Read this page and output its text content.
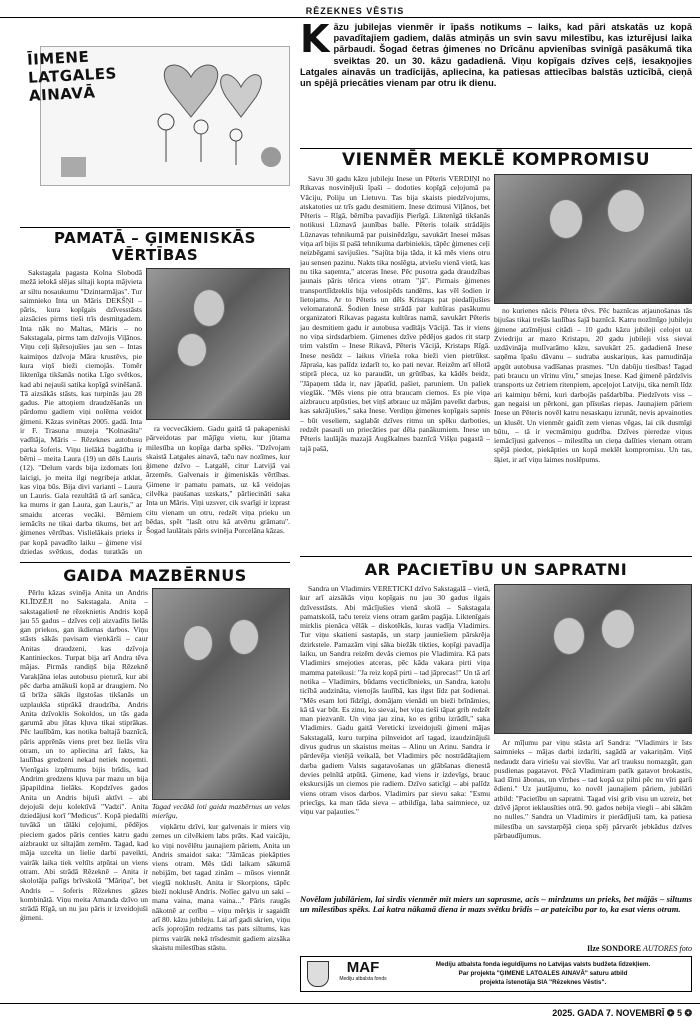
RĒZEKNES VĒSTIS
ĪIMENE LATGALES AINAVĀ
K āzu jubilejas vienmēr ir īpašs notikums – laiks, kad pāri atskatās uz kopā pavadītajiem gadiem, dalās atmiņās un svin savu milestību, kas izturējusi laika pārbaudi. Šogad četras ģimenes no Drīcānu apvienības svinīgā pasākumā tika sveiktas 20. un 30. kāzu gadadienā. Viņu kopīgais dzīves ceļš, iesakņojies Latgales ainavās un tradīcijās, apliecina, ka patiesas attiecības balstās uzticībā, cieņā un spējā priecāties vienam par otru ik dienu.
VIENMĒR MEKLĒ KOMPROMISU

Savu 30 gadu kāzu jubileju Inese un Pēteris VERDIŅI no Rikavas nosvinējuši īpaši – dodoties kopīgā ceļojumā pa Vāciju, Poliju un Lietuvu. Tas bija skaists piedzīvojums, atskatoties uz trīs gadu desmitiem. Inese dzimusi Viļānos, bet Pēteris – Rīgā, bērnība pavadījis Pierīgā. Liktenīgā tikšanās notikusi Lūznavā jaunības balle. Pēteris tolaik strādājis Lūznavas tehnikumā par puisinēdzīgu, savukārt Inesei māsas viņa arī bijis šī pašā tehnikuma darbiniekis, tāpēc ģimenes ceļi neizbēgami savijušies. "Sajūta bija tāda, it kā mēs viens otru jau sensen pazinu. Nakts tika noslēgta, atviešu vienā vietā, kas nu tika saņemta," atceras Inese. Pēc pusotra gada draudzības jaunais pāris tērica viens otram "jā". Pirmais ģimenes transportlīdzeklis bija velosipēds tandēms, kas vēl šodien ir lietojams. Ar to Pēteris un dēls Kristaps pat piedalījušies velomaratonā. Šodien Inese strādā par kultūras pasākumu organizatori Rikavas pagasta kultūras namā, savukārt Pēteris jau desmitiem gadu ir autobusa vadītājs Vācijā. Tas ir viens no viņa sirdsdarbiem. Ģimenes dzīve pēdējos gados rit starp trim valstīm – Inese Rikavā, Pēteris Vācijā, Kristaps Rīgā. Inese nesūdz – laikus vīriešа roka bieži vien pietrūkst. Jāpraśa, kas palīdz izdarīt to, ko pati nevar. Reizēm arī tēlotā stiprā pleca, uz ko paraudāt, un grūtības, ka kādēs beidz, "Jāpaņem tāda ir, nav jāpatīd, pašiet, paruniem. Un paliek vieglāk. "Mēs viens pie otra braucam ciemos. Es pie viņa aizbraucu atpūsties, bet viņš atbrauc uz mājām pavelkt darbus, kas sakrājušies," saka Inese. Verdiņu ģimenes kopīgais sapnis – būt veseliem, saglabāt dzīves ritmu un spēku darboties, redzēt pasauli un priecāties par dēla panākumiem. Inese un Pēteris laulājās mazajā Augškalnes baznīcā Višķu pagastā – tajā pašā,

no kurienes nācis Pētera tēvs. Pēc baznīcas atjaunošanas tās bijušas tikai trešās laulības šajā baznīcā. Katru nozīmīgo jubileju ģimene atzīmējusi citādi – 10 gadu kāzu jubileji celojot uz Zviedriju ar mazo Kristapu, 20 gadu jubileji viss sievai uzdāvināja mulīvarāmo kāzu, savukārt 25. gadadienā Inese saņēma īpašu dāvanu – sudraba auskariņus, kas pamudināja apgūt autobusa vadīšanas prasmes. "Un dabūju tiesības! Tagad pati braucu un vīrinu vīru," smejas Inese. Kad ģimenē pārdzīvis transports uz četriem ritenpiem, apceļojot Latviju, tika nemīt līdz ari kaimiņu bērni, kuri darbojās pašdarbība. Piedzīvots viss – gan negaisi un pērkoni, gan plīsušas riepas. Jaunajiem pāriem Inese un Pēteris novēl katru nesaskaņu izrunāt, nevis apvainoties un klusēt. Un vienmēr gaidīt zem vienas vēgas, lai cik dusmīgi būtu, – tā ir vecmāmiņu gudrība. Dzīves pieredze viņus iemācījusi galvenos – milestība un cieņa dalīties vienam otram spējā piedot, piekāpties un kopā meklēt kompromisu. Un tas, šķiet, ir arī viņu laimes noslēpums.

PAMATĀ – ĢIMENISKĀS VĒRTĪBAS

Sakstagala pagasta Kolna Slobodā mežā ielokā slējas siltaji kopta mājvieta ar siltu nosaukumu "Dzintarmājas". Tur saimnieko Inta un Māris DEKŠŅI – pāris, kura kopīgais dzīvesstāsts aizsācies pirms tieši trīs desmitgadem. Inta nāk no Maltas, Māris – no Sakstagala, pirms tam dzīvojis Viļānos. Viņu ceļi šķērsojušies jau sen – Intas kaimiņos dzīvoja Māra krustēvs, pie kura viņš bieži ciemojās. Tomēr liktenīga tikšanās notika Līgo svētkos, kad abi nejauši satika kopīgā svinēšanā. Tā aizsākās stāsts, kas turpinās jau 28 gadus. Pie attoņiem draudzēšanās un pārdomu gadiem viņi nolēma veidot ģimeni. Kāzas svinētas 2005. gadā. Inta ir F. Trasuna muzeja "Kolnasāta" vadītāja, Māris – Rēzeknes autobusu parka šoferis. Viņu lielākā bagātība ir bērni – meita Laura (19) un dēls Lauris (12). "Delum vards bija izdomats loti laicigi, jo meita ilgi negribeja atklat, kas viņa būs. Bija divi varianti – Laura un Lauris. Gala rezultātā tā arī sanāca, ka mums ir gan Laura, gan Lauris," ar smaidu atceras vecāki. Bērniem iemācīts ne tikai darba tikums, bet arī ģimenes vērtības. Vislielākais prieks ir par kopā pavadīto laiku – ģimene visi dziedas svētkus, dodas turatkās un

ra vecvecākiem. Gadu gaitā tā pakapeniski pārveidotas par mājīgu vietu, kur jūtama milestība un kopīga darba spēks. "Dzīvojam skaistā Latgales ainavā, taču nav nozīmes, kur ģimene dzīvo – Latgalē, citur Latvijā vai ārzemēs. Galvenais ir ģimeniskās vērtības. Ģimene ir pamatu pamats, uz kā veidojas cilvēka paušanas uzskats," pārliecināti saka Inta un Māris. Viņi uzsver, cik svarīgi ir izprast citu vienam un otru, redzēt viņa prieku un bēdas, spēt "lasīt otru kā atvērtu grāmatu". Šogad laulātais pāris svinēja Porcelāna kāzas.

GAIDA MAZBĒRNUS

Pērlu kāzas svinēja Anita un Andris KLĪDZĒJI no Sakstagala. Anita – sakstagalietē ne rēzeknietis Andris kopā jau 55 gadus – dzīves ceļi aizvadīts lielās gan priekos, gan ikdienas darbos. Viņu stāsts sākās pavisam vienkārši – caur Anitas draudzeni, kas dzīvoja Kantinieckos. Turpat bija arī Andra tēva mājas. Pirmās randiņš bija Rēzeknē Varakļāna ielas autobusu pieturā, kur abi pēc darba atnākuši kopā ar draugiem. No tā brīža sākās ilgstošas tikšanās un uzplaukša stiprākā draudzība. Andris Anita dzīvoklis Sokoldos, un tās gada garumā abu jūtas kļuva tikai stiprākas. Pēc laulībām, kas notika baltajā baznīcā, pāris apprēnās viens pret bez lielās vīra otram, un to apliecina arī fakts, ka laulības gredzeni nekad netiek noņemti. Vienīgais izņēmums bijis brīdis, kad Andrim gredzens kļuva par mazu un bija jāpapildina lielāks. Kopdzīves gados Anita un Andris bijuši aktīvi – abi dejojuši deju kolektīvā "Vadzi". Anita dziedājusi korī "Medicus". Kopā piedalīti tuvākā un tālāki ceļojumi, pēdējos pieciem gados pāris centies katru gadu aizbraukt uz siltajām zemēm. Tagad, kad māja uzcelta un lielie darbi paveikti, vairāk laika tiek veltīts atpūtai un viens otram. Abi strādā Rēzeknē – Anita ir skolotāja palīgs brīvskolā "Māriņa", bet Andris – šoferis Rēzeknes gāzes kombinātā. Viņu meita Amanda dzīvo un strādā Rīgā, un nu jau pāris ir izveidojuši ģimeni.

Tagad vecākā loti gaida mazbērnus un velas mierīgu,

viņkārtu dzīvi, kur galvenais ir miers viņ zemes un cilvēkiem labs prāts. Kad vaicāju, ko viņi novēlētu jaunajiem pāriem, Anita un Andris smaidot saka: "Jāmācas piekāpties viens otram. Mēs tādi laikam sākumā nebijām, bet tagad zinām – mūsos viennāt vieglā noklusēt. Anita ir Skorpions, tāpēc bieži noklusē Andris. Nolīec galvu un saki – mana vaina, mana vaina..." Pāris raugās nākotnē ar cerību – viņu mērķis ir sagaidīt arī 80. kāzu jubileju. Lai arī gadi skrien, viņu acīs joprojām redzams tas pats siltums, kas pirms vairāk nekā trīsdesmit gadiem aizsāka skaistu milestības stāstu.

AR PACIETĪBU UN SAPRATNI

Sandra un Vladimirs VERETICKI dzīvo Sakstagalā – vietā, kur arī aizsākās viņu kopīgais nu jau 30 gadus ilgais dzīvesstāsts. Abi mācījušies vienā skolā – Sakstagala pamatskolā, taču tereiz viens otram garām pagāja. Liktenīgais mirklis pienāca vēlāk – diskotēkās, kuras vadīja Vladimirs. Tur viņu skatieni sastapās, un starp jauniešiem pārskrēja dzirkstele. Pamazām viņi sāka biežāk tikties, kopīgi pavadīja laiku, un Sandra reizēm devās ciemos pie Vladimira. Kā pats Vladimirs smejoties atceras, pēc kāda vakara pirti viņa mamma pateikusi: "Ja reiz kopā pirti – tad jāprecas!" Un tā arī notika – Vladimirs, būdams vecticībnieks, un Sandra, katoļu ticībā audzināta, vienojās laulībā, kas ilgst līdz pat šodienai. "Mēs esam loti līdzīgi, domājam vienādi un bieži brīnāmies, kā tā var būt. Es zinu, ko sievai, bet viņa tieši tāpat grib redzēt man piezvanīt. Un viņa jau zina, ko es gribu izrādīt," saka Vladimirs. Gadu gaitā Vereticki izveidojuši ģimeni mājas Sakstagalā, kuru turpina pilnveidot arī tagad, izaudzinājuši divus gudrus un skaistus meitas – Alinu un Arinu. Sandra ir pārdevēja vietējā veikalā, bet Vladimirs pēc nostrādātajiem darba gadiem Valsts sagatavošanas un glābšanas dienestā devies pelnītā atpūtā. Ģimene, kad viens ir izdevīgs, brauc ekskursijās un ciemos pie radiem. Dzīvo saticīgi – abi palīdz viens otram visos darbos. Vladimirs par sievu saka: "Esmu priecīgs, ka man tāda sieva – atbildīga, laba saimniece, uz viņu var paļauties."

Ar mīļumu par viņu stāsta arī Sandra: "Vladimirs ir īsts saimnieks – mājas darbi izdarīti, sagādā ar vakariņām. Viņš nedaudz dara viriešu vai sievīšu. Var arī trauksu nomazgāt, gan pusdienas pagatavot. Pēcā Vladimiram patīk gatavot brokastis, kad šīrni ābonas, un vīrrhes – tad kopā uz pilni pēc nu vīri garū ēdieni." Uz jautājumu, ko novēl jaunajiem pāriem, jubilāri atbild: "Pacietību un sapratni. Tagad visi grib visu un uzreiz, bet dzīvē jāprot ieklausīties otrā. 90. gados nebija viegli – abi sākām no nulles." Sandra un Vladimirs ir pierādījuši tam, ka patiesa milestība un savstarpējā cieņa spēj pārvarēt jebkādus dzīves pārbaudījumus.

Novēlam jubilāriem, lai sirdis vienmēr mīt miers un saprasme, acis – mirdzums un prieks, bet mājās – siltums un milestības spēks. Lai katra nākamā diena ir mazs svētku brīdis – ar pateicību par to, ka esat viens otram.
Ilze SONDORE AUTORES foto
MAF
Mediju atbalsta fonds
Mediju atbalsta fonda ieguldījums no Latvijas valsts budžeta līdzekļiem.
Par projekta "ĢIMENE LATGALES AINAVĀ" saturu atbild
projekta īstenotāja SIA "Rēzeknes Vēstis".
2025. GADA 7. NOVEMBRĪ ❂ 5 ❂
